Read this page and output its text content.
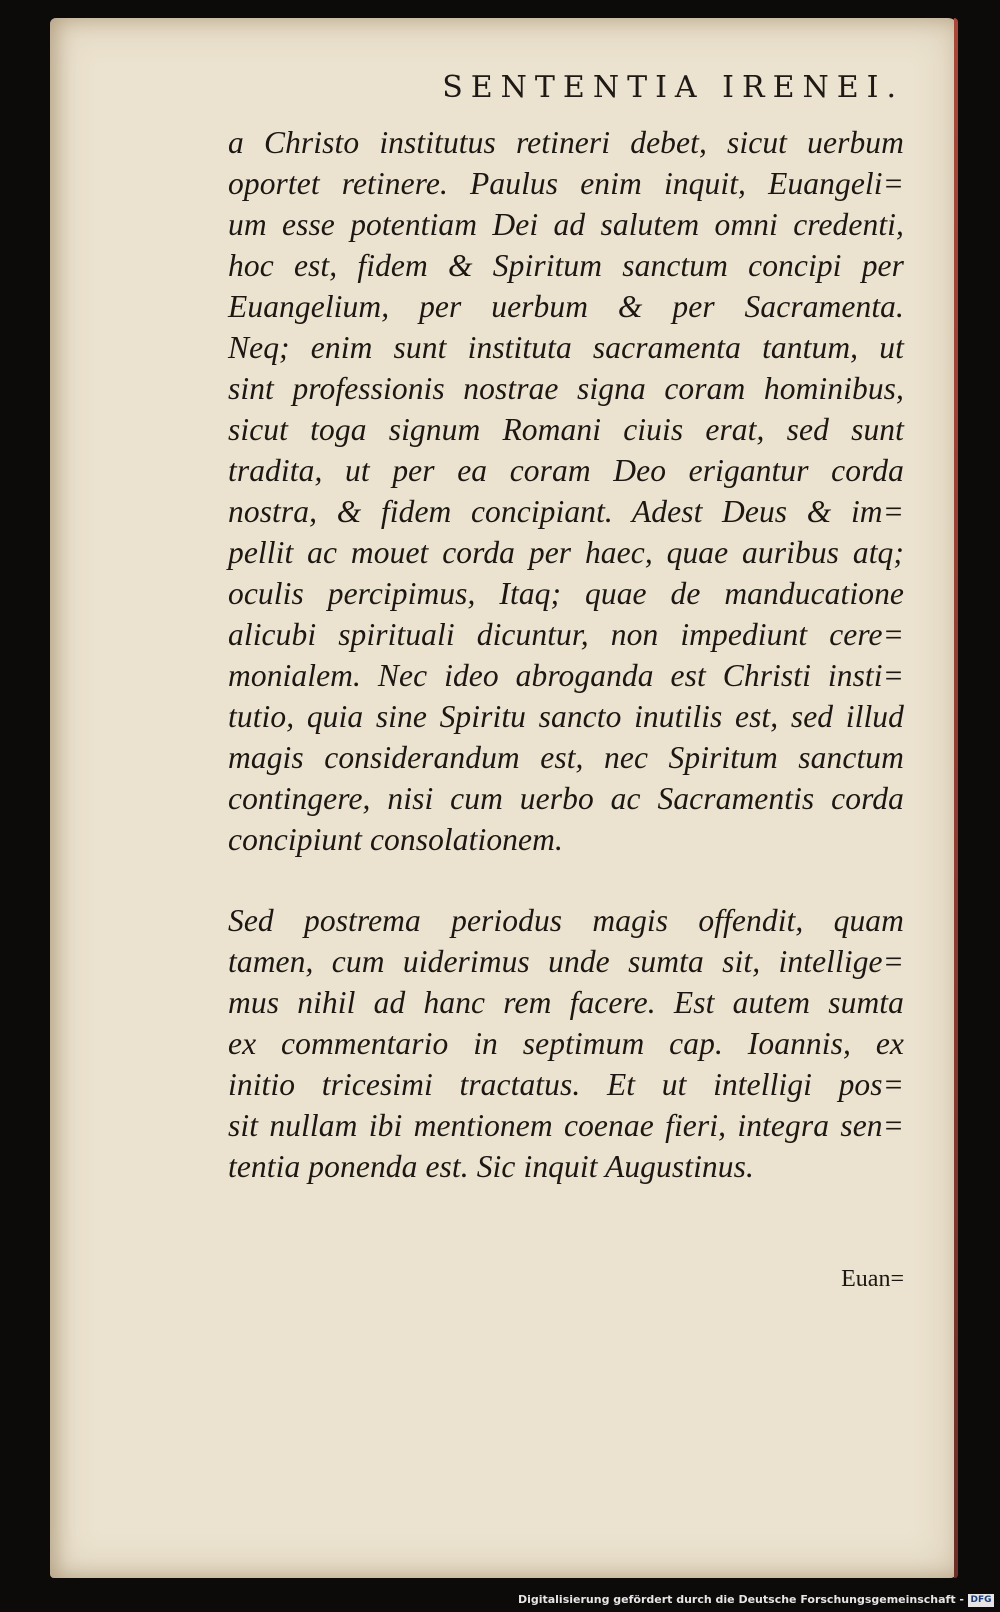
SENTENTIA IRENEI.
a Christo institutus retineri debet, sicut uerbum
oportet retinere. Paulus enim inquit, Euangeli=
um esse potentiam Dei ad salutem omni credenti,
hoc est, fidem & Spiritum sanctum concipi per
Euangelium, per uerbum & per Sacramenta.
Neq; enim sunt instituta sacramenta tantum, ut
sint professionis nostrae signa coram hominibus,
sicut toga signum Romani ciuis erat, sed sunt
tradita, ut per ea coram Deo erigantur corda
nostra, & fidem concipiant. Adest Deus & im=
pellit ac mouet corda per haec, quae auribus atq;
oculis percipimus, Itaq; quae de manducatione
alicubi spirituali dicuntur, non impediunt cere=
monialem. Nec ideo abroganda est Christi insti=
tutio, quia sine Spiritu sancto inutilis est, sed illud
magis considerandum est, nec Spiritum sanctum
contingere, nisi cum uerbo ac Sacramentis corda
concipiunt consolationem.
Sed postrema periodus magis offendit, quam
tamen, cum uiderimus unde sumta sit, intellige=
mus nihil ad hanc rem facere. Est autem sumta
ex commentario in septimum cap. Ioannis, ex
initio tricesimi tractatus. Et ut intelligi pos=
sit nullam ibi mentionem coenae fieri, integra sen=
tentia ponenda est. Sic inquit Augustinus.
Euan=
Digitalisierung gefördert durch die Deutsche Forschungsgemeinschaft - DFG
